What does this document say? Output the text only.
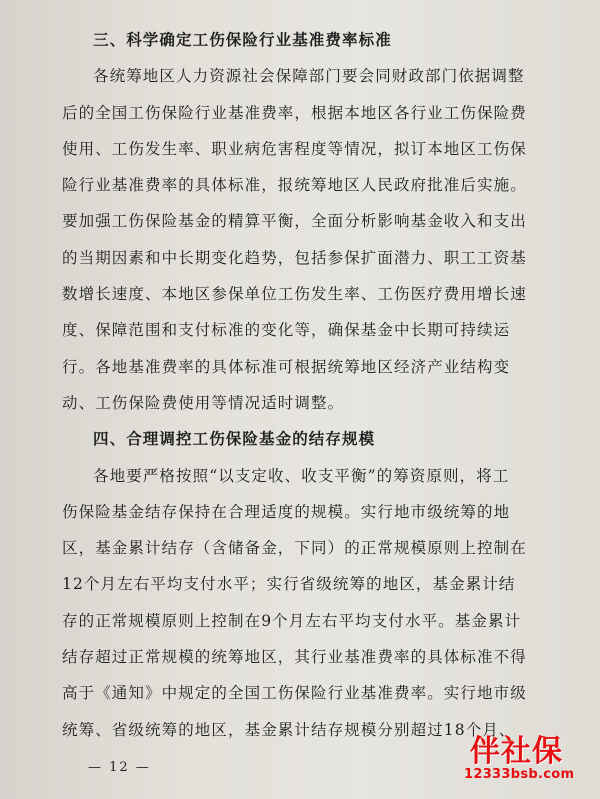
三、科学确定工伤保险行业基准费率标准

各统筹地区人力资源社会保障部门要会同财政部门依据调整
后的全国工伤保险行业基准费率，根据本地区各行业工伤保险费
使用、工伤发生率、职业病危害程度等情况，拟订本地区工伤保
险行业基准费率的具体标准，报统筹地区人民政府批准后实施。
要加强工伤保险基金的精算平衡，全面分析影响基金收入和支出
的当期因素和中长期变化趋势，包括参保扩面潜力、职工工资基
数增长速度、本地区参保单位工伤发生率、工伤医疗费用增长速
度、保障范围和支付标准的变化等，确保基金中长期可持续运
行。各地基准费率的具体标准可根据统筹地区经济产业结构变
动、工伤保险费使用等情况适时调整。

四、合理调控工伤保险基金的结存规模

各地要严格按照“以支定收、收支平衡”的筹资原则，将工
伤保险基金结存保持在合理适度的规模。实行地市级统筹的地
区，基金累计结存（含储备金，下同）的正常规模原则上控制在
12个月左右平均支付水平；实行省级统筹的地区，基金累计结
存的正常规模原则上控制在9个月左右平均支付水平。基金累计
结存超过正常规模的统筹地区，其行业基准费率的具体标准不得
高于《通知》中规定的全国工伤保险行业基准费率。实行地市级
统筹、省级统筹的地区，基金累计结存规模分别超过18个月、
— 12 —	伴社保
12333bsb.com
